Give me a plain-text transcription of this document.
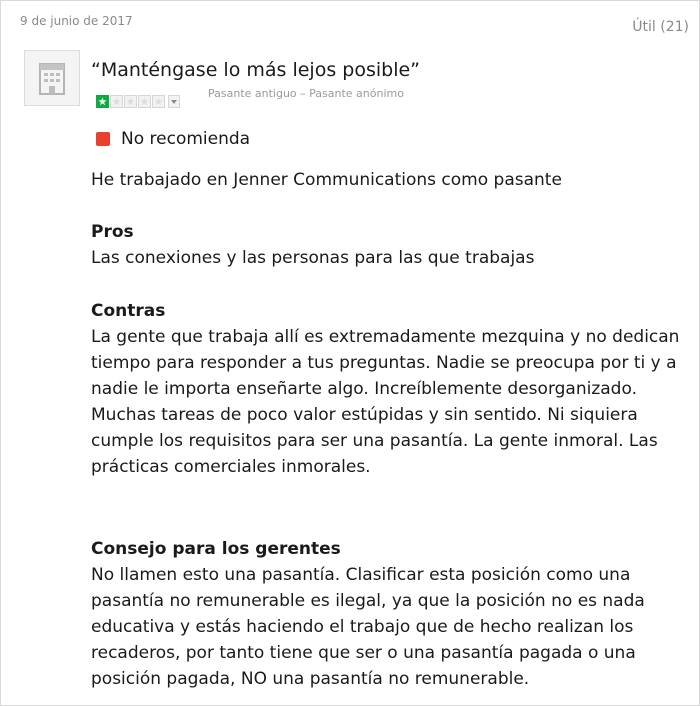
9 de junio de 2017	Útil (21)
“Manténgase lo más lejos posible”
Pasante antiguo – Pasante anónimo
No recomienda
He trabajado en Jenner Communications como pasante
Pros
Las conexiones y las personas para las que trabajas
Contras
La gente que trabaja allí es extremadamente mezquina y no dedican tiempo para responder a tus preguntas. Nadie se preocupa por ti y a nadie le importa enseñarte algo. Increíblemente desorganizado. Muchas tareas de poco valor estúpidas y sin sentido. Ni siquiera cumple los requisitos para ser una pasantía. La gente inmoral. Las prácticas comerciales inmorales.
Consejo para los gerentes
No llamen esto una pasantía. Clasificar esta posición como una pasantía no remunerable es ilegal, ya que la posición no es nada educativa y estás haciendo el trabajo que de hecho realizan los recaderos, por tanto tiene que ser o una pasantía pagada o una posición pagada, NO una pasantía no remunerable.
